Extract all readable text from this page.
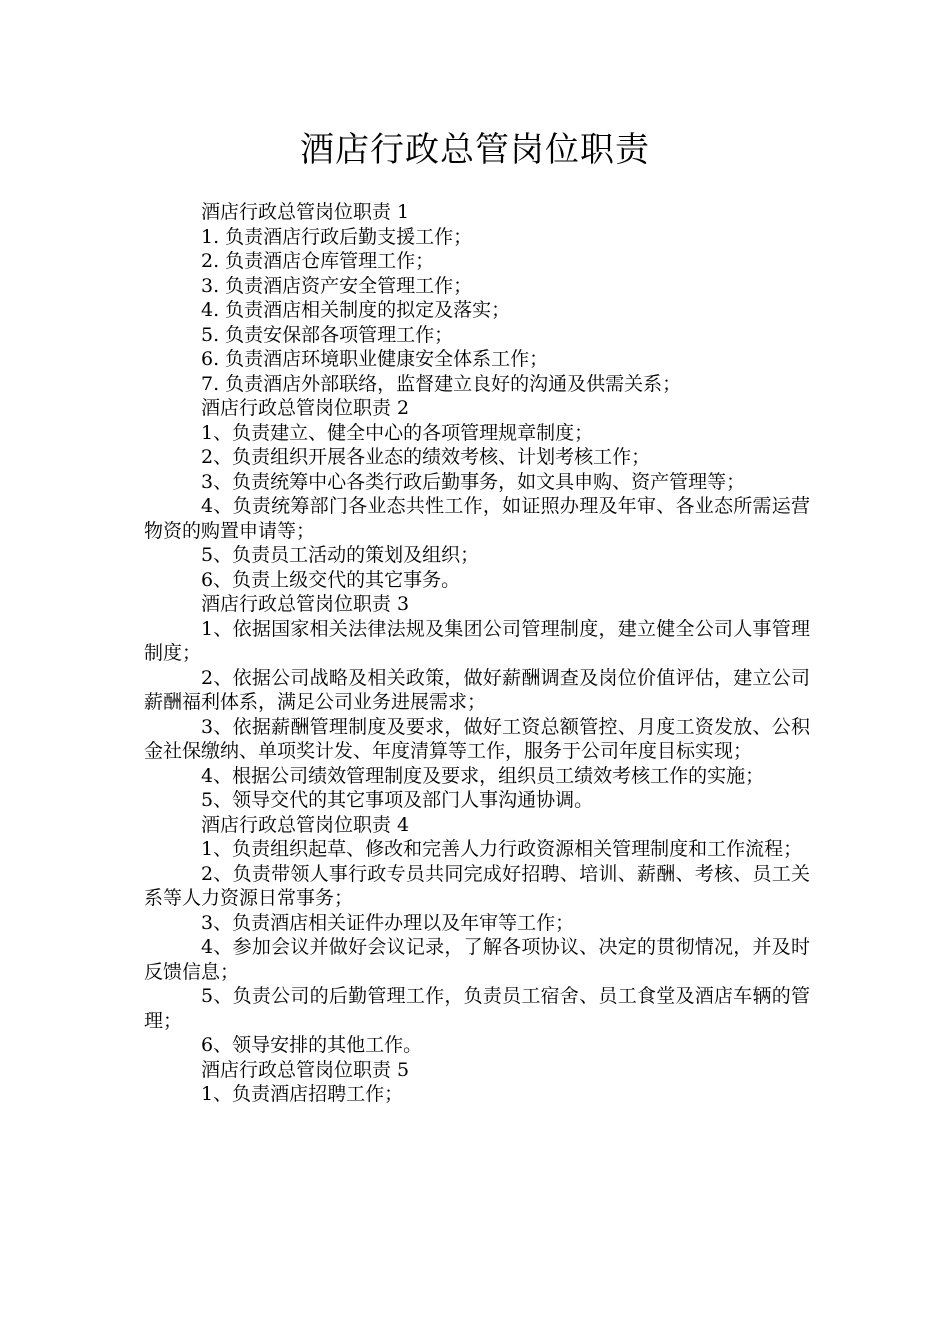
酒店行政总管岗位职责

酒店行政总管岗位职责 1

1. 负责酒店行政后勤支援工作；

2. 负责酒店仓库管理工作；

3. 负责酒店资产安全管理工作；

4. 负责酒店相关制度的拟定及落实；

5. 负责安保部各项管理工作；

6. 负责酒店环境职业健康安全体系工作；

7. 负责酒店外部联络，监督建立良好的沟通及供需关系；

酒店行政总管岗位职责 2

1、负责建立、健全中心的各项管理规章制度；

2、负责组织开展各业态的绩效考核、计划考核工作；

3、负责统筹中心各类行政后勤事务，如文具申购、资产管理等；

4、负责统筹部门各业态共性工作，如证照办理及年审、各业态所需运营物资的购置申请等；

5、负责员工活动的策划及组织；

6、负责上级交代的其它事务。

酒店行政总管岗位职责 3

1、依据国家相关法律法规及集团公司管理制度，建立健全公司人事管理制度；

2、依据公司战略及相关政策，做好薪酬调查及岗位价值评估，建立公司薪酬福利体系，满足公司业务进展需求；

3、依据薪酬管理制度及要求，做好工资总额管控、月度工资发放、公积金社保缴纳、单项奖计发、年度清算等工作，服务于公司年度目标实现；

4、根据公司绩效管理制度及要求，组织员工绩效考核工作的实施；

5、领导交代的其它事项及部门人事沟通协调。

酒店行政总管岗位职责 4

1、负责组织起草、修改和完善人力行政资源相关管理制度和工作流程；

2、负责带领人事行政专员共同完成好招聘、培训、薪酬、考核、员工关系等人力资源日常事务；

3、负责酒店相关证件办理以及年审等工作；

4、参加会议并做好会议记录，了解各项协议、决定的贯彻情况，并及时反馈信息；

5、负责公司的后勤管理工作，负责员工宿舍、员工食堂及酒店车辆的管理；

6、领导安排的其他工作。

酒店行政总管岗位职责 5

1、负责酒店招聘工作；
